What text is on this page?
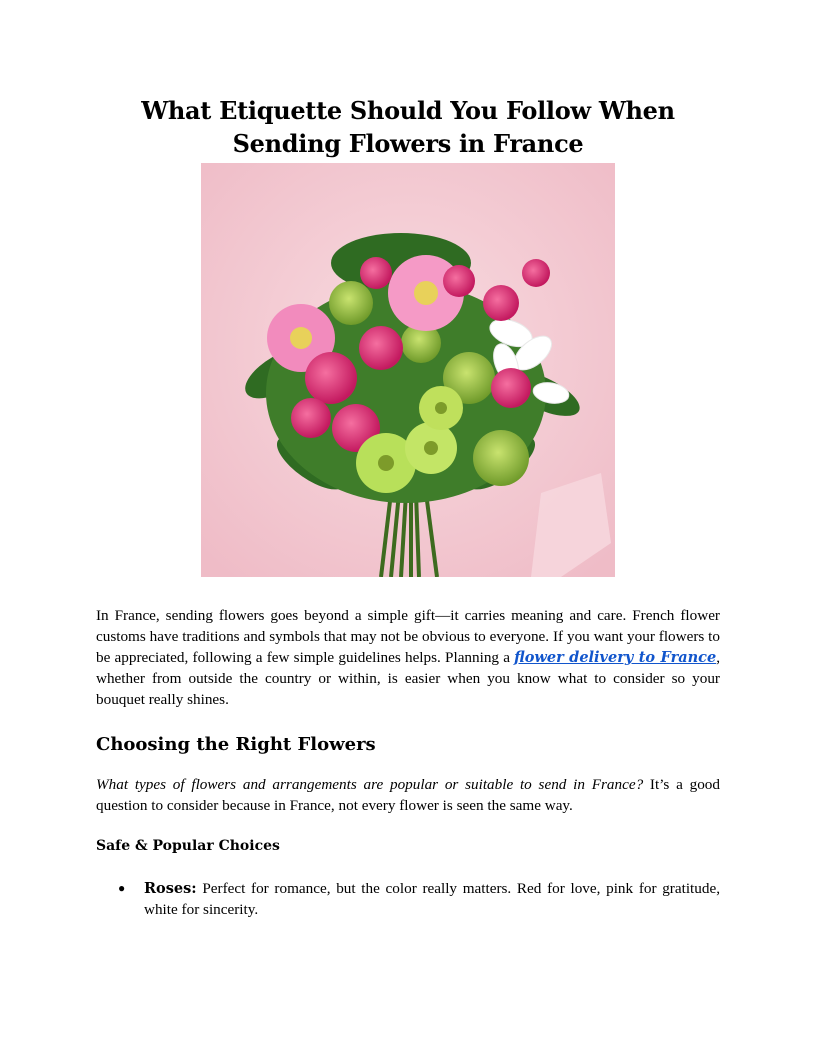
What Etiquette Should You Follow When Sending Flowers in France

In France, sending flowers goes beyond a simple gift—it carries meaning and care. French flower customs have traditions and symbols that may not be obvious to everyone. If you want your flowers to be appreciated, following a few simple guidelines helps. Planning a flower delivery to France, whether from outside the country or within, is easier when you know what to consider so your bouquet really shines.

Choosing the Right Flowers

What types of flowers and arrangements are popular or suitable to send in France? It’s a good question to consider because in France, not every flower is seen the same way.

Safe & Popular Choices
● Roses: Perfect for romance, but the color really matters. Red for love, pink for gratitude, white for sincerity.
